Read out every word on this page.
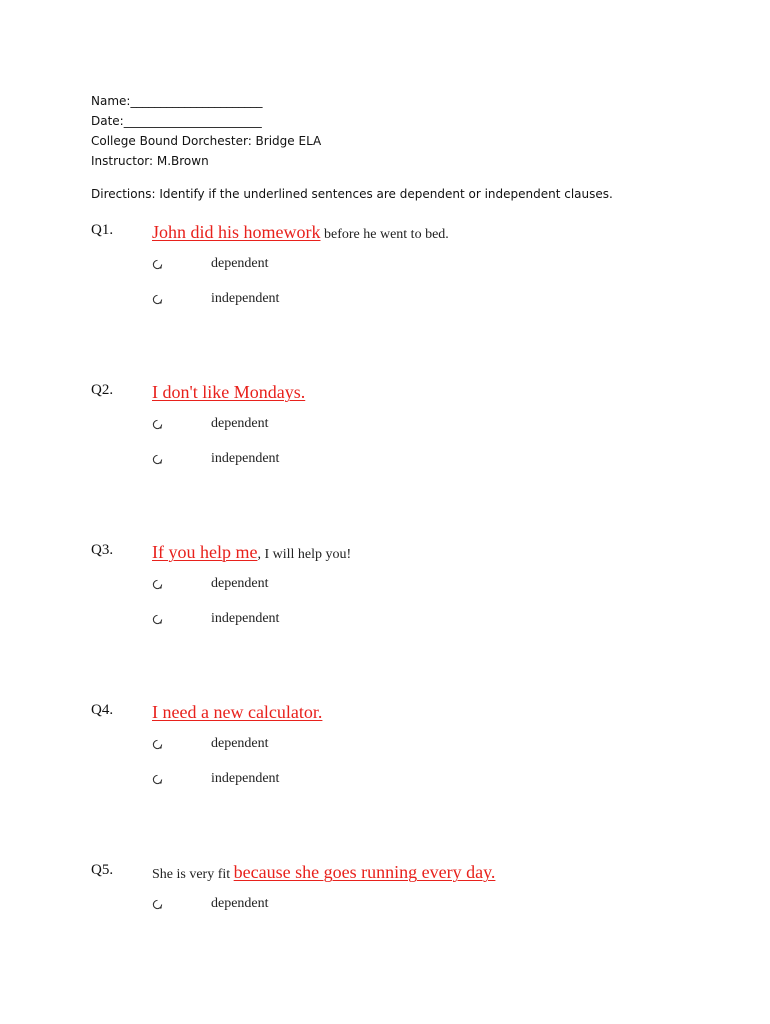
Name:______________________
Date:_______________________
College Bound Dorchester: Bridge ELA
Instructor: M.Brown
Directions: Identify if the underlined sentences are dependent or independent clauses.
Q1. John did his homework before he went to bed.
dependent
independent
Q2. I don't like Mondays.
dependent
independent
Q3. If you help me, I will help you!
dependent
independent
Q4. I need a new calculator.
dependent
independent
Q5.	She is very fit because she goes running every day.
dependent
